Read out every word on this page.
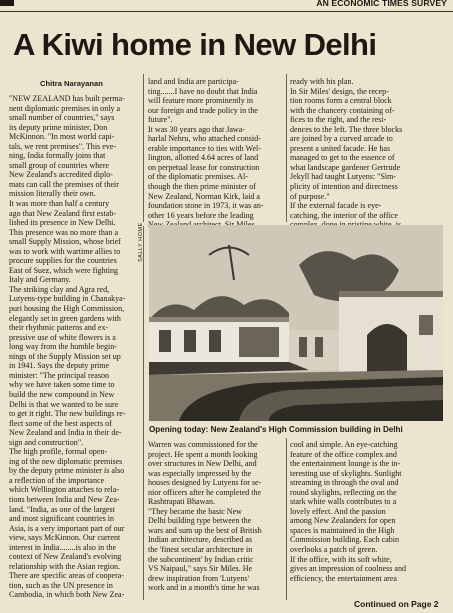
AN ECONOMIC TIMES SURVEY
A Kiwi home in New Delhi

Chitra Narayanan

"NEW ZEALAND has built perma-
nent diplomatic premises in only a
small number of countries," says
its deputy prime minister, Don
McKinnon. "In most world capi-
tals, we rent premises". This eve-
ning, India formally joins that
small group of countries where
New Zealand's accredited diplo-
mats can call the premises of their
mission literally their own.
It was more than half a century
ago that New Zealand first estab-
lished its presence in New Delhi.
This presence was no more than a
small Supply Mission, whose brief
was to work with wartime allies to
procure supplies for the countries
East of Suez, which were fighting
Italy and Germany.
The striking clay and Agra red,
Lutyens-type building in Chanakya-
puri housing the High Commission,
elegantly set in green gardens with
their rhythmic patterns and ex-
pressive use of white flowers is a
long way from the humble begin-
nings of the Supply Mission set up
in 1941. Says the deputy prime
minister: "The principal reason
why we have taken some time to
build the new compound in New
Delhi is that we wanted to be sure
to get it right. The new buildings re-
flect some of the best aspects of
New Zealand and India in their de-
sign and construction".
The high profile, formal open-
ing of the new diplomatic premises
by the deputy prime minister is also
a reflection of the importance
which Wellington attaches to rela-
tions between India and New Zea-
land. "India, as one of the largest
and most significant countries in
Asia, is a very important part of our
view, says McKinnon. Our current
interest in India........is also in the
context of New Zealand's evolving
relationship with the Asian region.
There are specific areas of coopera-
tion, such as the UN presence in
Cambodia, in which both New Zea-

land and India are participa-
ting.......I have no doubt that India
will feature more prominently in
our foreign and trade policy in the
future".
It was 30 years ago that Jawa-
harlal Nehru, who attached consid-
erable importance to ties with Wel-
lington, allotted 4.64 acres of land
on perpetual lease for construction
of the diplomatic premises. Al-
though the then prime minister of
New Zealand, Norman Kirk, laid a
foundation stone in 1973, it was an-
other 16 years before the leading

ready with his plan.
In Sir Miles' design, the recep-
tion rooms form a central block
with the chancery containing of-
fices to the right, and the resi-
dences to the left. The three blocks
are joined by a curved arcade to
present a united facade. He has
managed to get to the essence of
what landscape gardener Gertrude
Jekyll had taught Lutyens: "Sim-
plicity of intention and directness
of purpose."
If the external facade is eye-
catching, the interior of the office

SALLY HOME

Opening today: New Zealand's High Commission building in Delhi

Warren was commissioned for the
project. He spent a month looking
over structures in New Delhi, and
was especially impressed by the
houses designed by Lutyens for se-
nior officers after he completed the
Rashtrapati Bhawan.
"They became the basic New
Delhi building type between the
wars and sum up the best of British
Indian architecture, described as
the 'finest secular architecture in
the subcontinent' by Indian critic
VS Naipaul," says Sir Miles. He
drew inspiration from 'Lutyens'
work and in a month's time he was

cool and simple. An eye-catching
feature of the office complex and
the entertainment lounge is the in-
teresting use of skylights. Sunlight
streaming in through the oval and
round skylights, reflecting on the
stark white walls contributes to a
lovely effect. And the passion
among New Zealanders for open
spaces is maintained in the High
Commission building. Each cabin
overlooks a patch of green.
If the office, with its soft white,
gives an impression of coolness and
efficiency, the entertainment area

Continued on Page 2
